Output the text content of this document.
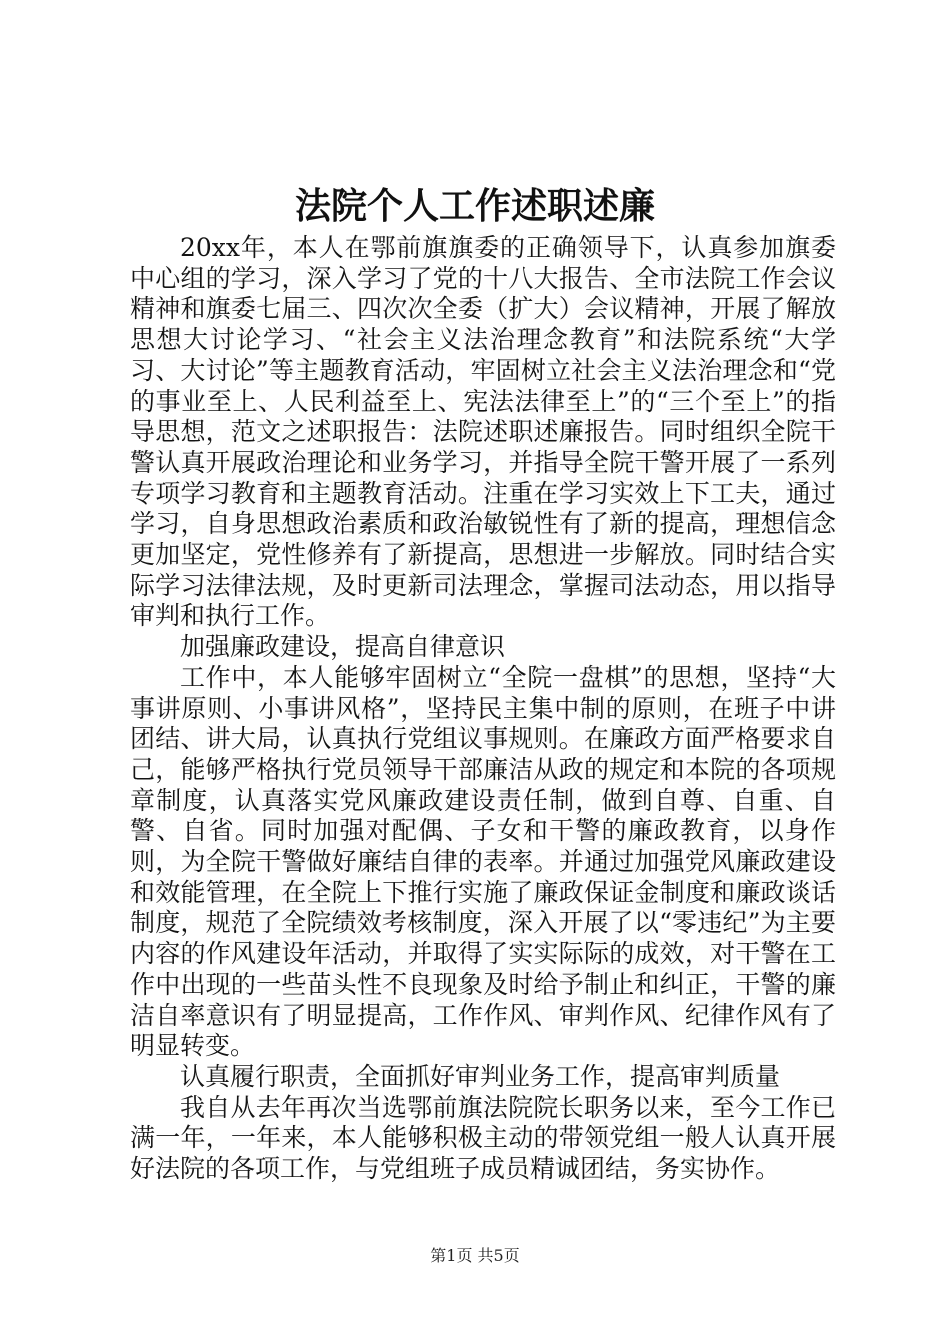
法院个人工作述职述廉

20xx年，本人在鄂前旗旗委的正确领导下，认真参加旗委中心组的学习，深入学习了党的十八大报告、全市法院工作会议精神和旗委七届三、四次次全委（扩大）会议精神，开展了解放思想大讨论学习、“社会主义法治理念教育”和法院系统“大学习、大讨论”等主题教育活动，牢固树立社会主义法治理念和“党的事业至上、人民利益至上、宪法法律至上”的“三个至上”的指导思想，范文之述职报告：法院述职述廉报告。同时组织全院干警认真开展政治理论和业务学习，并指导全院干警开展了一系列专项学习教育和主题教育活动。注重在学习实效上下工夫，通过学习，自身思想政治素质和政治敏锐性有了新的提高，理想信念更加坚定，党性修养有了新提高，思想进一步解放。同时结合实际学习法律法规，及时更新司法理念，掌握司法动态，用以指导审判和执行工作。

加强廉政建设，提高自律意识

工作中，本人能够牢固树立“全院一盘棋”的思想，坚持“大事讲原则、小事讲风格”，坚持民主集中制的原则，在班子中讲团结、讲大局，认真执行党组议事规则。在廉政方面严格要求自己，能够严格执行党员领导干部廉洁从政的规定和本院的各项规章制度，认真落实党风廉政建设责任制，做到自尊、自重、自警、自省。同时加强对配偶、子女和干警的廉政教育，以身作则，为全院干警做好廉结自律的表率。并通过加强党风廉政建设和效能管理，在全院上下推行实施了廉政保证金制度和廉政谈话制度，规范了全院绩效考核制度，深入开展了以“零违纪”为主要内容的作风建设年活动，并取得了实实际际的成效，对干警在工作中出现的一些苗头性不良现象及时给予制止和纠正，干警的廉洁自率意识有了明显提高，工作作风、审判作风、纪律作风有了明显转变。

认真履行职责，全面抓好审判业务工作，提高审判质量

我自从去年再次当选鄂前旗法院院长职务以来，至今工作已满一年，一年来，本人能够积极主动的带领党组一般人认真开展好法院的各项工作，与党组班子成员精诚团结，务实协作。

第1页 共5页
